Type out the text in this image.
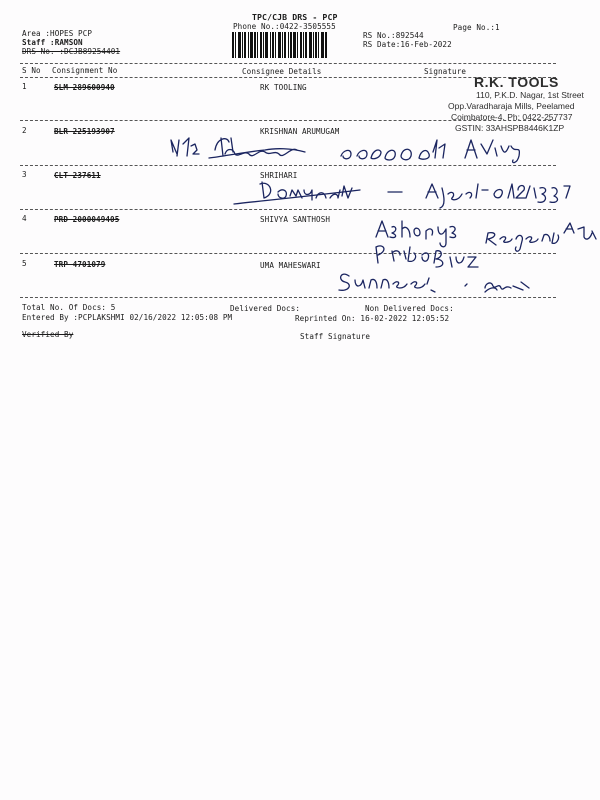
TPC/CJB DRS - PCP
Phone No.:0422-3505555
Area :HOPES PCP
Staff :RAMSON
DRS No. :DCJB89254401
RS No.:892544
RS Date:16-Feb-2022
Page No.:1
S No Consignment No	Consignee Details	Signature
1	SLM 289600940	RK TOOLING
2	BLR 225193907	KRISHNAN ARUMUGAM
3	CLT 237611	SHRIHARI
4	PRD 2000049405	SHIVYA SANTHOSH
5	TRP 4701079	UMA MAHESWARI
R.K. TOOLS
110, P.K.D. Nagar, 1st Street
Opp.Varadharaja Mills, Peelamed
Coimbatore-4. Ph: 0422-257737
GSTIN: 33AHSPB8446K1ZP
Total No. Of Docs: 5	Delivered Docs:	Non Delivered Docs:
Entered By :PCPLAKSHMI 02/16/2022 12:05:08 PM	Reprinted On: 16-02-2022 12:05:52
Verified By	Staff Signature
